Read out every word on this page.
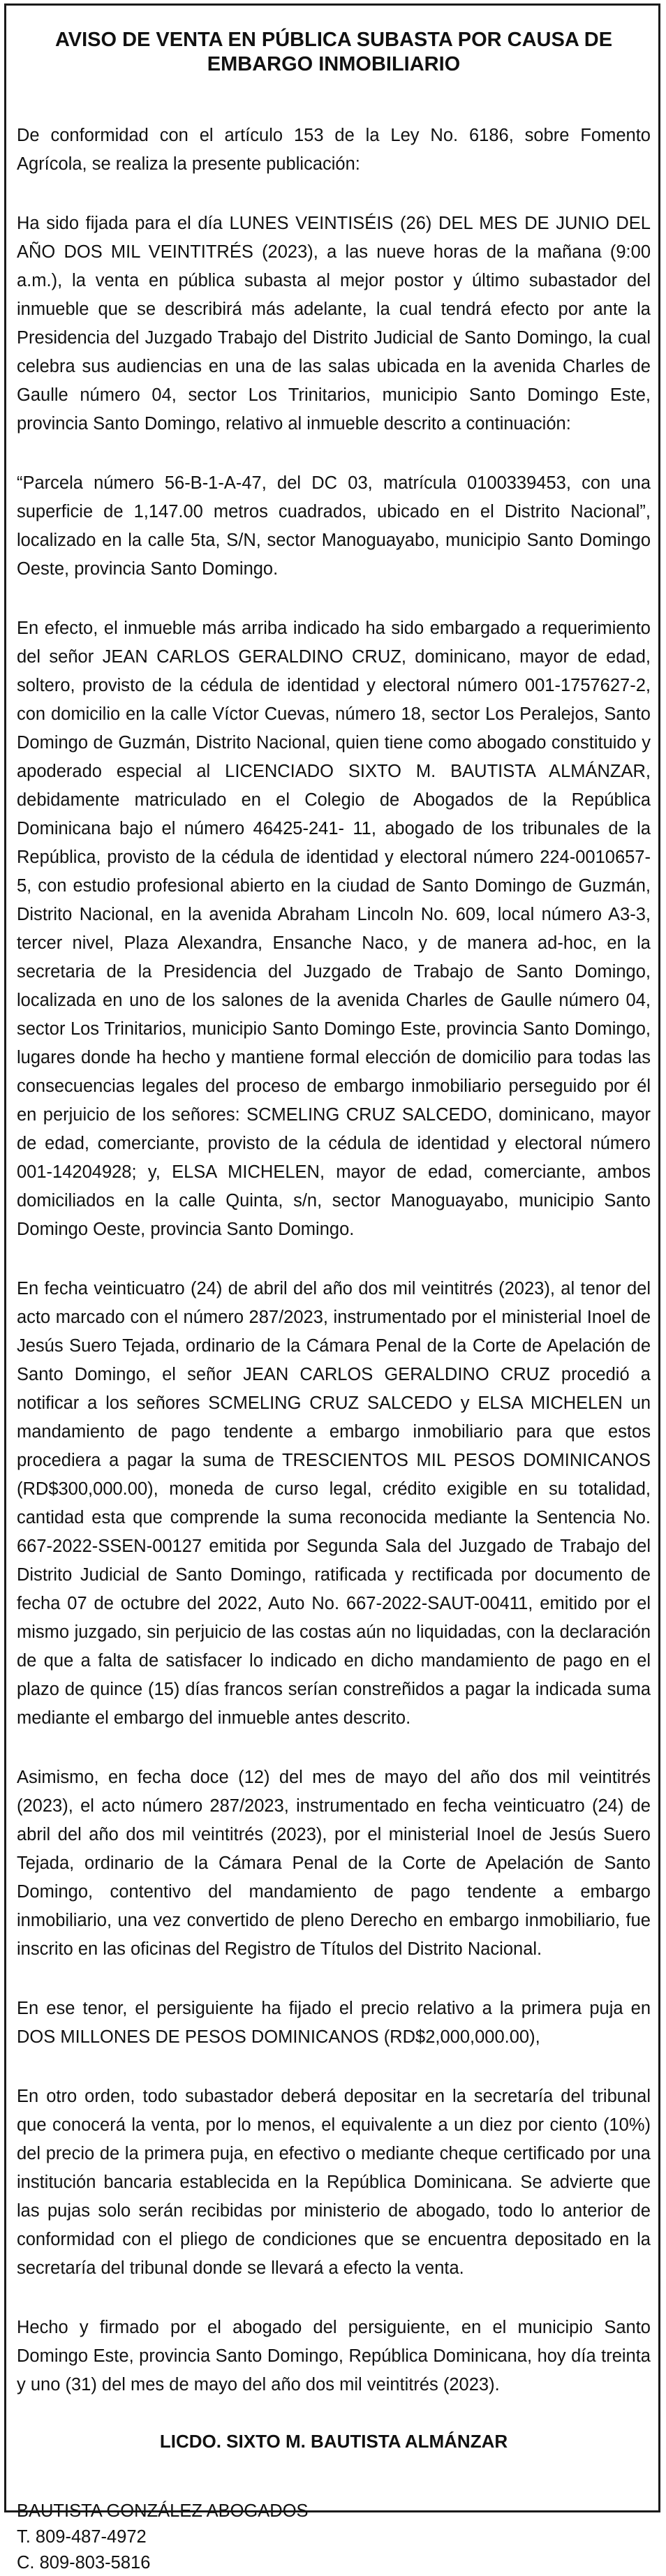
AVISO DE VENTA EN PÚBLICA SUBASTA POR CAUSA DE
EMBARGO INMOBILIARIO

De conformidad con el artículo 153 de la Ley No. 6186, sobre Fomento Agrícola, se realiza la presente publicación:

Ha sido fijada para el día LUNES VEINTISÉIS (26) DEL MES DE JUNIO DEL AÑO DOS MIL VEINTITRÉS (2023), a las nueve horas de la mañana (9:00 a.m.), la venta en pública subasta al mejor postor y último subastador del inmueble que se describirá más adelante, la cual tendrá efecto por ante la Presidencia del Juzgado Trabajo del Distrito Judicial de Santo Domingo, la cual celebra sus audiencias en una de las salas ubicada en la avenida Charles de Gaulle número 04, sector Los Trinitarios, municipio Santo Domingo Este, provincia Santo Domingo, relativo al inmueble descrito a continuación:

“Parcela número 56-B-1-A-47, del DC 03, matrícula 0100339453, con una superficie de 1,147.00 metros cuadrados, ubicado en el Distrito Nacional”, localizado en la calle 5ta, S/N, sector Manoguayabo, municipio Santo Domingo Oeste, provincia Santo Domingo.

En efecto, el inmueble más arriba indicado ha sido embargado a requerimiento del señor JEAN CARLOS GERALDINO CRUZ, dominicano, mayor de edad, soltero, provisto de la cédula de identidad y electoral número 001-1757627-2, con domicilio en la calle Víctor Cuevas, número 18, sector Los Peralejos, Santo Domingo de Guzmán, Distrito Nacional, quien tiene como abogado constituido y apoderado especial al LICENCIADO SIXTO M. BAUTISTA ALMÁNZAR, debidamente matriculado en el Colegio de Abogados de la República Dominicana bajo el número 46425-241- 11, abogado de los tribunales de la República, provisto de la cédula de identidad y electoral número 224-0010657-5, con estudio profesional abierto en la ciudad de Santo Domingo de Guzmán, Distrito Nacional, en la avenida Abraham Lincoln No. 609, local número A3-3, tercer nivel, Plaza Alexandra, Ensanche Naco, y de manera ad-hoc, en la secretaria de la Presidencia del Juzgado de Trabajo de Santo Domingo, localizada en uno de los salones de la avenida Charles de Gaulle número 04, sector Los Trinitarios, municipio Santo Domingo Este, provincia Santo Domingo, lugares donde ha hecho y mantiene formal elección de domicilio para todas las consecuencias legales del proceso de embargo inmobiliario perseguido por él en perjuicio de los señores: SCMELING CRUZ SALCEDO, dominicano, mayor de edad, comerciante, provisto de la cédula de identidad y electoral número 001-14204928; y, ELSA MICHELEN, mayor de edad, comerciante, ambos domiciliados en la calle Quinta, s/n, sector Manoguayabo, municipio Santo Domingo Oeste, provincia Santo Domingo.

En fecha veinticuatro (24) de abril del año dos mil veintitrés (2023), al tenor del acto marcado con el número 287/2023, instrumentado por el ministerial Inoel de Jesús Suero Tejada, ordinario de la Cámara Penal de la Corte de Apelación de Santo Domingo, el señor JEAN CARLOS GERALDINO CRUZ procedió a notificar a los señores SCMELING CRUZ SALCEDO y ELSA MICHELEN un mandamiento de pago tendente a embargo inmobiliario para que estos procediera a pagar la suma de TRESCIENTOS MIL PESOS DOMINICANOS (RD$300,000.00), moneda de curso legal, crédito exigible en su totalidad, cantidad esta que comprende la suma reconocida mediante la Sentencia No. 667-2022-SSEN-00127 emitida por Segunda Sala del Juzgado de Trabajo del Distrito Judicial de Santo Domingo, ratificada y rectificada por documento de fecha 07 de octubre del 2022, Auto No. 667-2022-SAUT-00411, emitido por el mismo juzgado, sin perjuicio de las costas aún no liquidadas, con la declaración de que a falta de satisfacer lo indicado en dicho mandamiento de pago en el plazo de quince (15) días francos serían constreñidos a pagar la indicada suma mediante el embargo del inmueble antes descrito.

Asimismo, en fecha doce (12) del mes de mayo del año dos mil veintitrés (2023), el acto número 287/2023, instrumentado en fecha veinticuatro (24) de abril del año dos mil veintitrés (2023), por el ministerial Inoel de Jesús Suero Tejada, ordinario de la Cámara Penal de la Corte de Apelación de Santo Domingo, contentivo del mandamiento de pago tendente a embargo inmobiliario, una vez convertido de pleno Derecho en embargo inmobiliario, fue inscrito en las oficinas del Registro de Títulos del Distrito Nacional.

En ese tenor, el persiguiente ha fijado el precio relativo a la primera puja en DOS MILLONES DE PESOS DOMINICANOS (RD$2,000,000.00),

En otro orden, todo subastador deberá depositar en la secretaría del tribunal que conocerá la venta, por lo menos, el equivalente a un diez por ciento (10%) del precio de la primera puja, en efectivo o mediante cheque certificado por una institución bancaria establecida en la República Dominicana. Se advierte que las pujas solo serán recibidas por ministerio de abogado, todo lo anterior de conformidad con el pliego de condiciones que se encuentra depositado en la secretaría del tribunal donde se llevará a efecto la venta.

Hecho y firmado por el abogado del persiguiente, en el municipio Santo Domingo Este, provincia Santo Domingo, República Dominicana, hoy día treinta y uno (31) del mes de mayo del año dos mil veintitrés (2023).

LICDO. SIXTO M. BAUTISTA ALMÁNZAR
BAUTISTA GONZÁLEZ ABOGADOS
T. 809-487-4972
C. 809-803-5816
